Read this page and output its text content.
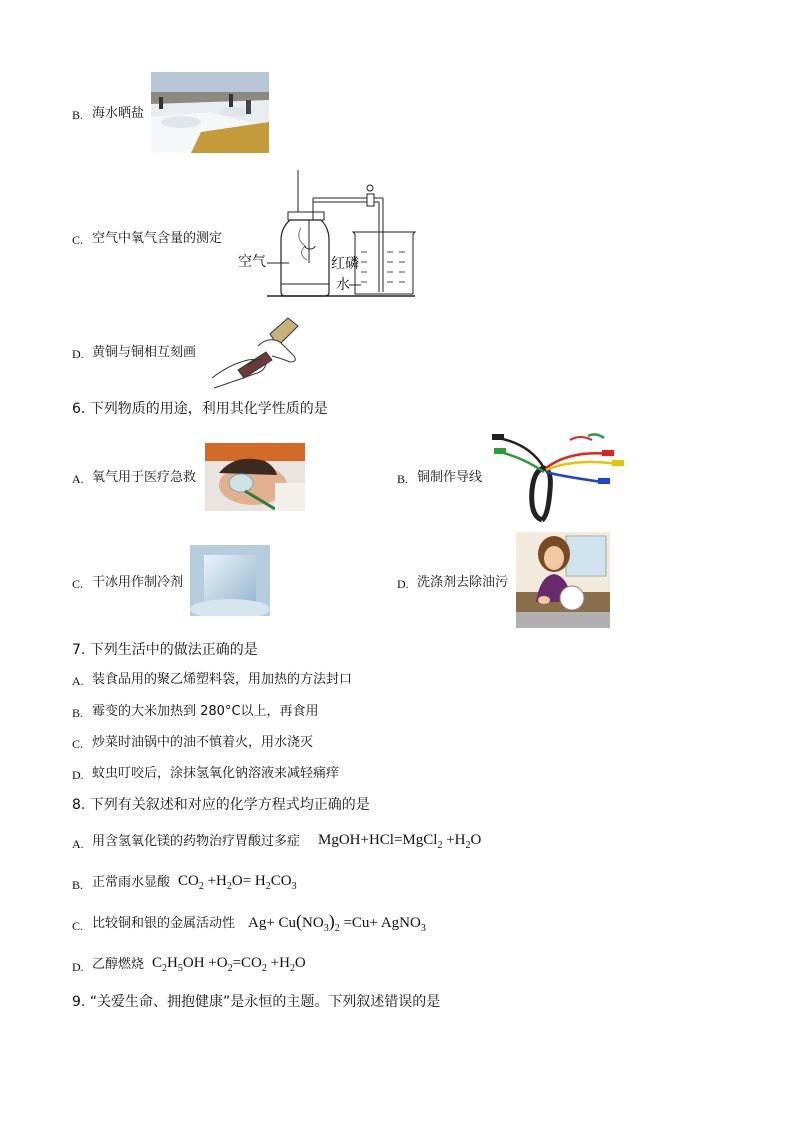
B. 海水晒盐
C. 空气中氧气含量的测定
空气	红磷
水
D. 黄铜与铜相互刻画
6. 下列物质的用途，利用其化学性质的是
A. 氧气用于医疗急救	B. 铜制作导线
C. 干冰用作制冷剂	D. 洗涤剂去除油污
7. 下列生活中的做法正确的是
A. 装食品用的聚乙烯塑料袋，用加热的方法封口
B. 霉变的大米加热到 280°C以上，再食用
C. 炒菜时油锅中的油不慎着火，用水浇灭
D. 蚊虫叮咬后，涂抹氢氧化钠溶液来减轻痛痒
8. 下列有关叙述和对应的化学方程式均正确的是
A. 用含氢氧化镁的药物治疗胃酸过多症 MgOH+HCl=MgCl$_2$ $+H_2O$
B. 正常雨水显酸 $CO_2 +H_2O= H_2CO_3$
C. 比较铜和银的金属活动性 $Ag+ Cu(NO_3)_2 =Cu+$ AgNO$_3$
D. 乙醇燃烧 $C_2H_5OH +O_2=CO_2 +H_2O$
9. “关爱生命、拥抱健康”是永恒的主题。下列叙述错误的是
